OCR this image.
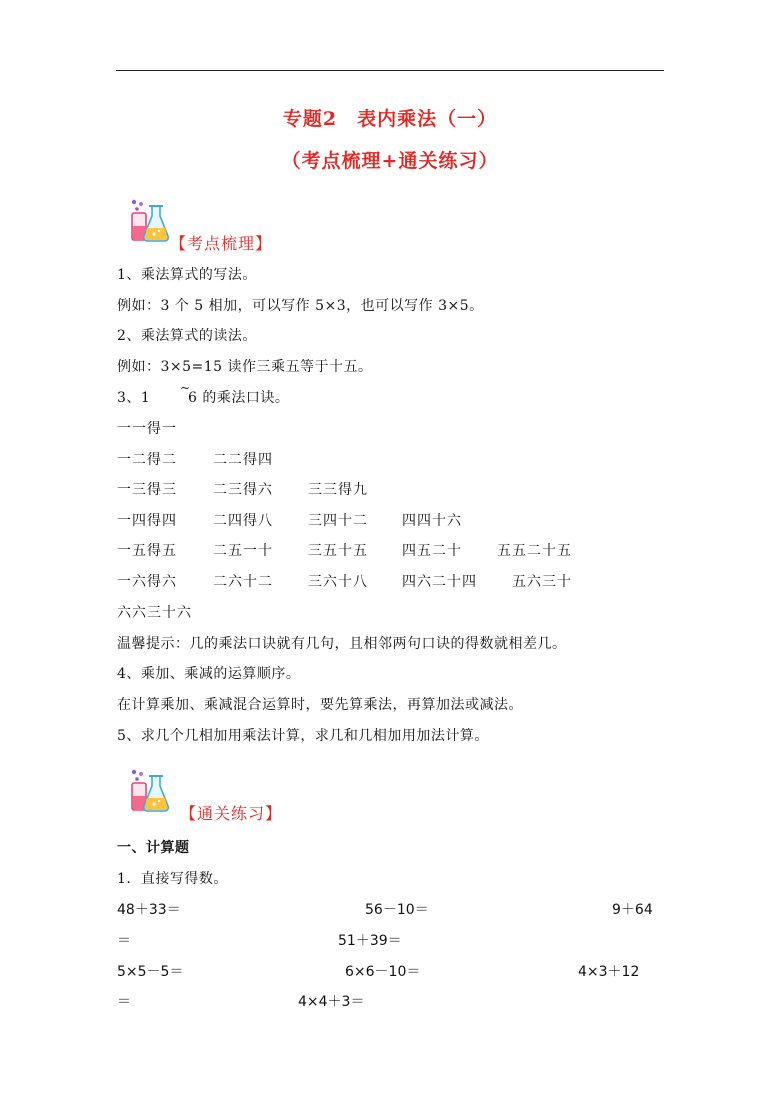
专题2　表内乘法（一）
（考点梳理+通关练习）
【考点梳理】
1、乘法算式的写法。
例如：3 个 5 相加，可以写作 5×3，也可以写作 3×5。
2、乘法算式的读法。
例如：3×5=15 读作三乘五等于十五。
3、1
~
6 的乘法口诀。
一一得一
一二得二	二二得四
一三得三	二三得六	三三得九
一四得四	二四得八	三四十二 四四十六
一五得五	二五一十	三五十五 四五二十	五五二十五
一六得六	二六十二	三六十八 四六二十四	五六三十
六六三十六
温馨提示：几的乘法口诀就有几句，且相邻两句口诀的得数就相差几。
4、乘加、乘减的运算顺序。
在计算乘加、乘减混合运算时，要先算乘法，再算加法或减法。
5、求几个几相加用乘法计算，求几和几相加用加法计算。
【通关练习】
一、计算题
1．直接写得数。
48＋33＝	56－10＝	9＋64
＝	51＋39＝
5×5－5＝	6×6－10＝	4×3＋12
＝	4×4＋3＝
